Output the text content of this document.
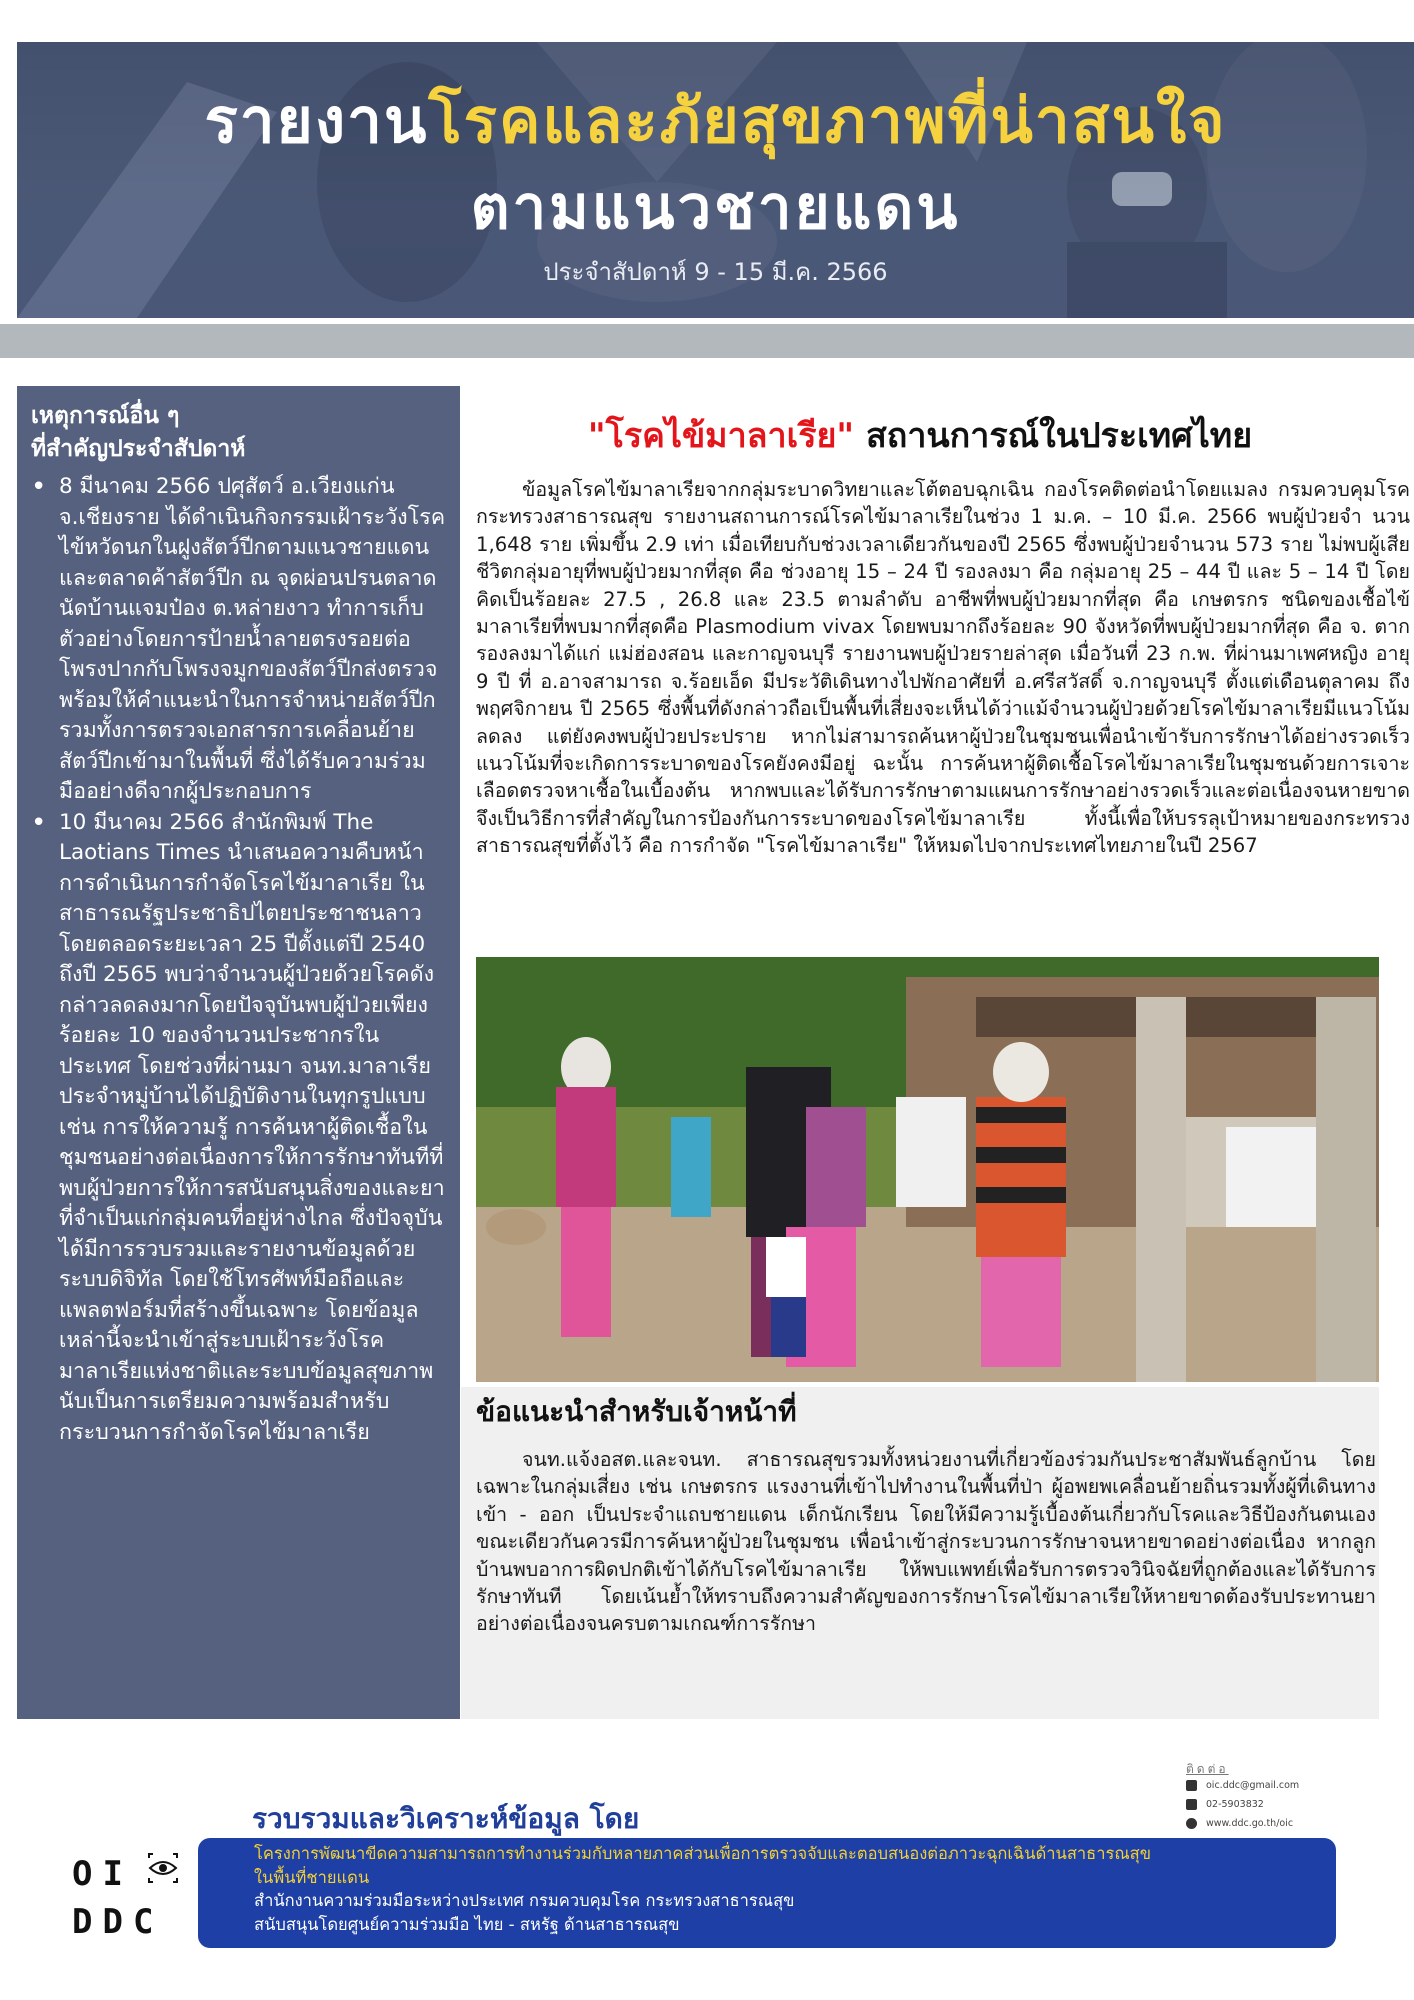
รายงานโรคและภัยสุขภาพที่น่าสนใจ
ตามแนวชายแดน
ประจำสัปดาห์ 9 - 15 มี.ค. 2566
เหตุการณ์อื่น ๆ
ที่สำคัญประจำสัปดาห์
• 8 มีนาคม 2566 ปศุสัตว์ อ.เวียงแก่น จ.เชียงราย ได้ดำเนินกิจกรรมเฝ้าระวังโรคไข้หวัดนกในฝูงสัตว์ปีกตามแนวชายแดน และตลาดค้าสัตว์ปีก ณ จุดผ่อนปรนตลาดนัดบ้านแจมป๋อง ต.หล่ายงาว ทำการเก็บตัวอย่างโดยการป้ายน้ำลายตรงรอยต่อโพรงปากกับโพรงจมูกของสัตว์ปีกส่งตรวจ พร้อมให้คำแนะนำในการจำหน่ายสัตว์ปีก รวมทั้งการตรวจเอกสารการเคลื่อนย้ายสัตว์ปีกเข้ามาในพื้นที่ ซึ่งได้รับความร่วมมืออย่างดีจากผู้ประกอบการ
• 10 มีนาคม 2566 สำนักพิมพ์ The Laotians Times นำเสนอความคืบหน้าการดำเนินการกำจัดโรคไข้มาลาเรีย ในสาธารณรัฐประชาธิปไตยประชาชนลาวโดยตลอดระยะเวลา 25 ปีตั้งแต่ปี 2540 ถึงปี 2565 พบว่าจำนวนผู้ป่วยด้วยโรคดังกล่าวลดลงมากโดยปัจจุบันพบผู้ป่วยเพียงร้อยละ 10 ของจำนวนประชากรในประเทศ โดยช่วงที่ผ่านมา จนท.มาลาเรียประจำหมู่บ้านได้ปฏิบัติงานในทุกรูปแบบ เช่น การให้ความรู้ การค้นหาผู้ติดเชื้อในชุมชนอย่างต่อเนื่องการให้การรักษาทันทีที่พบผู้ป่วยการให้การสนับสนุนสิ่งของและยาที่จำเป็นแก่กลุ่มคนที่อยู่ห่างไกล ซึ่งปัจจุบันได้มีการรวบรวมและรายงานข้อมูลด้วยระบบดิจิทัล โดยใช้โทรศัพท์มือถือและแพลตฟอร์มที่สร้างขึ้นเฉพาะ โดยข้อมูลเหล่านี้จะนำเข้าสู่ระบบเฝ้าระวังโรคมาลาเรียแห่งชาติและระบบข้อมูลสุขภาพ นับเป็นการเตรียมความพร้อมสำหรับกระบวนการกำจัดโรคไข้มาลาเรีย
"โรคไข้มาลาเรีย" สถานการณ์ในประเทศไทย

ข้อมูลโรคไข้มาลาเรียจากกลุ่มระบาดวิทยาและโต้ตอบฉุกเฉิน กองโรคติดต่อนำโดยแมลง กรมควบคุมโรค กระทรวงสาธารณสุข รายงานสถานการณ์โรคไข้มาลาเรียในช่วง 1 ม.ค. – 10 มี.ค. 2566 พบผู้ป่วยจำ นวน 1,648 ราย เพิ่มขึ้น 2.9 เท่า เมื่อเทียบกับช่วงเวลาเดียวกันของปี 2565 ซึ่งพบผู้ป่วยจำนวน 573 ราย ไม่พบผู้เสียชีวิตกลุ่มอายุที่พบผู้ป่วยมากที่สุด คือ ช่วงอายุ 15 – 24 ปี รองลงมา คือ กลุ่มอายุ 25 – 44 ปี และ 5 – 14 ปี โดยคิดเป็นร้อยละ 27.5 , 26.8 และ 23.5 ตามลำดับ อาชีพที่พบผู้ป่วยมากที่สุด คือ เกษตรกร ชนิดของเชื้อไข้มาลาเรียที่พบมากที่สุดคือ Plasmodium vivax โดยพบมากถึงร้อยละ 90 จังหวัดที่พบผู้ป่วยมากที่สุด คือ จ. ตาก รองลงมาได้แก่ แม่ฮ่องสอน และกาญจนบุรี รายงานพบผู้ป่วยรายล่าสุด เมื่อวันที่ 23 ก.พ. ที่ผ่านมาเพศหญิง อายุ 9 ปี ที่ อ.อาจสามารถ จ.ร้อยเอ็ด มีประวัติเดินทางไปพักอาศัยที่ อ.ศรีสวัสดิ์ จ.กาญจนบุรี ตั้งแต่เดือนตุลาคม ถึง พฤศจิกายน ปี 2565 ซึ่งพื้นที่ดังกล่าวถือเป็นพื้นที่เสี่ยงจะเห็นได้ว่าแม้จำนวนผู้ป่วยด้วยโรคไข้มาลาเรียมีแนวโน้มลดลง แต่ยังคงพบผู้ป่วยประปราย หากไม่สามารถค้นหาผู้ป่วยในชุมชนเพื่อนำเข้ารับการรักษาได้อย่างรวดเร็ว แนวโน้มที่จะเกิดการระบาดของโรคยังคงมีอยู่ ฉะนั้น การค้นหาผู้ติดเชื้อโรคไข้มาลาเรียในชุมชนด้วยการเจาะเลือดตรวจหาเชื้อในเบื้องต้น หากพบและได้รับการรักษาตามแผนการรักษาอย่างรวดเร็วและต่อเนื่องจนหายขาด จึงเป็นวิธีการที่สำคัญในการป้องกันการระบาดของโรคไข้มาลาเรีย ทั้งนี้เพื่อให้บรรลุเป้าหมายของกระทรวงสาธารณสุขที่ตั้งไว้ คือ การกำจัด "โรคไข้มาลาเรีย" ให้หมดไปจากประเทศไทยภายในปี 2567

ข้อแนะนำสำหรับเจ้าหน้าที่

จนท.แจ้งอสต.และจนท. สาธารณสุขรวมทั้งหน่วยงานที่เกี่ยวข้องร่วมกันประชาสัมพันธ์ลูกบ้าน โดยเฉพาะในกลุ่มเสี่ยง เช่น เกษตรกร แรงงานที่เข้าไปทำงานในพื้นที่ป่า ผู้อพยพเคลื่อนย้ายถิ่นรวมทั้งผู้ที่เดินทาง เข้า - ออก เป็นประจำแถบชายแดน เด็กนักเรียน โดยให้มีความรู้เบื้องต้นเกี่ยวกับโรคและวิธีป้องกันตนเองขณะเดียวกันควรมีการค้นหาผู้ป่วยในชุมชน เพื่อนำเข้าสู่กระบวนการรักษาจนหายขาดอย่างต่อเนื่อง หากลูกบ้านพบอาการผิดปกติเข้าได้กับโรคไข้มาลาเรีย ให้พบแพทย์เพื่อรับการตรวจวินิจฉัยที่ถูกต้องและได้รับการรักษาทันที โดยเน้นย้ำให้ทราบถึงความสำคัญของการรักษาโรคไข้มาลาเรียให้หายขาดต้องรับประทานยาอย่างต่อเนื่องจนครบตามเกณฑ์การรักษา

ติดต่อ
oic.ddc@gmail.com
02-5903832
www.ddc.go.th/oic
รวบรวมและวิเคราะห์ข้อมูล โดย
OI
DDC
โครงการพัฒนาขีดความสามารถการทำงานร่วมกับหลายภาคส่วนเพื่อการตรวจจับและตอบสนองต่อภาวะฉุกเฉินด้านสาธารณสุข
ในพื้นที่ชายแดน
สำนักงานความร่วมมือระหว่างประเทศ กรมควบคุมโรค กระทรวงสาธารณสุข
สนับสนุนโดยศูนย์ความร่วมมือ ไทย - สหรัฐ ด้านสาธารณสุข
